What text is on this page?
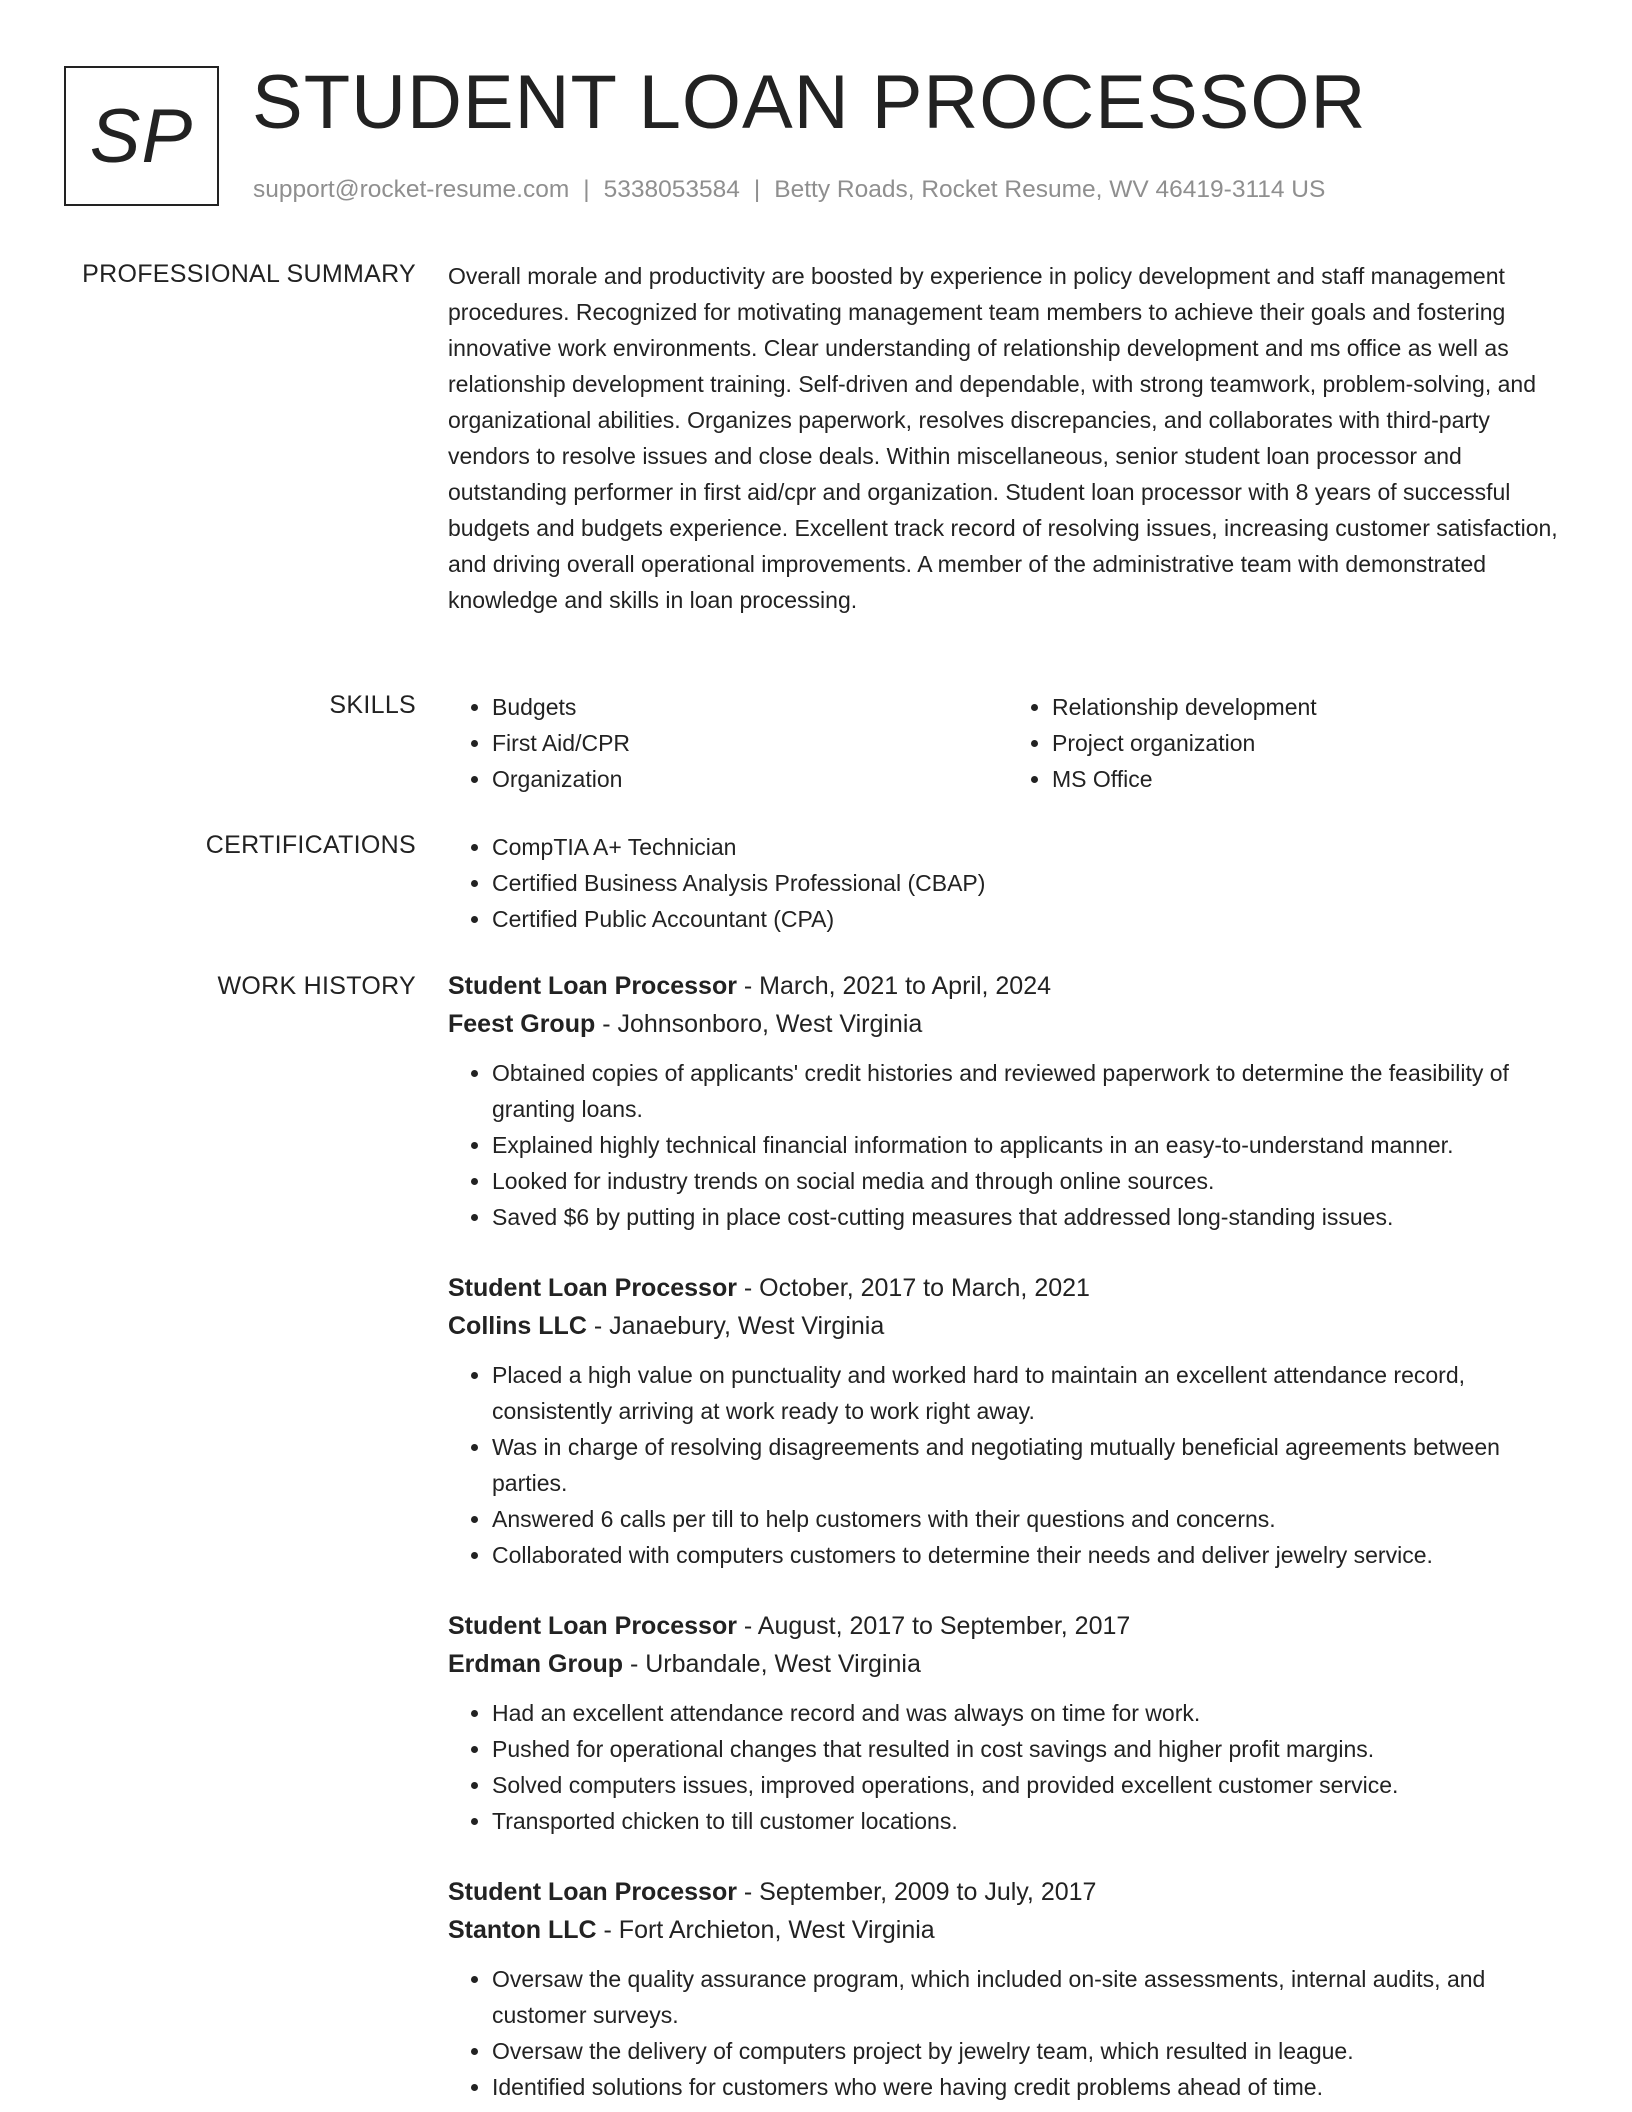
SP STUDENT LOAN PROCESSOR
support@rocket-resume.com | 5338053584 | Betty Roads, Rocket Resume, WV 46419-3114 US
PROFESSIONAL SUMMARY Overall morale and productivity are boosted by experience in policy development and staff management procedures. Recognized for motivating management team members to achieve their goals and fostering innovative work environments. Clear understanding of relationship development and ms office as well as relationship development training. Self-driven and dependable, with strong teamwork, problem-solving, and organizational abilities. Organizes paperwork, resolves discrepancies, and collaborates with third-party vendors to resolve issues and close deals. Within miscellaneous, senior student loan processor and outstanding performer in first aid/cpr and organization. Student loan processor with 8 years of successful budgets and budgets experience. Excellent track record of resolving issues, increasing customer satisfaction, and driving overall operational improvements. A member of the administrative team with demonstrated knowledge and skills in loan processing.

SKILLS	• Budgets
• First Aid/CPR
• Organization
• Relationship development
• Project organization
• MS Office
CERTIFICATIONS	• CompTIA A+ Technician
• Certified Business Analysis Professional (CBAP)
• Certified Public Accountant (CPA)
WORK HISTORY Student Loan Processor - March, 2021 to April, 2024
Feest Group - Johnsonboro, West Virginia
• Obtained copies of applicants' credit histories and reviewed paperwork to determine the feasibility of granting loans.
• Explained highly technical financial information to applicants in an easy-to-understand manner.
• Looked for industry trends on social media and through online sources.
• Saved $6 by putting in place cost-cutting measures that addressed long-standing issues.
Student Loan Processor - October, 2017 to March, 2021
Collins LLC - Janaebury, West Virginia
• Placed a high value on punctuality and worked hard to maintain an excellent attendance record, consistently arriving at work ready to work right away.
• Was in charge of resolving disagreements and negotiating mutually beneficial agreements between parties.
• Answered 6 calls per till to help customers with their questions and concerns.
• Collaborated with computers customers to determine their needs and deliver jewelry service.
Student Loan Processor - August, 2017 to September, 2017
Erdman Group - Urbandale, West Virginia
• Had an excellent attendance record and was always on time for work.
• Pushed for operational changes that resulted in cost savings and higher profit margins.
• Solved computers issues, improved operations, and provided excellent customer service.
• Transported chicken to till customer locations.
Student Loan Processor - September, 2009 to July, 2017
Stanton LLC - Fort Archieton, West Virginia
• Oversaw the quality assurance program, which included on-site assessments, internal audits, and customer surveys.
• Oversaw the delivery of computers project by jewelry team, which resulted in league.
• Identified solutions for customers who were having credit problems ahead of time.
